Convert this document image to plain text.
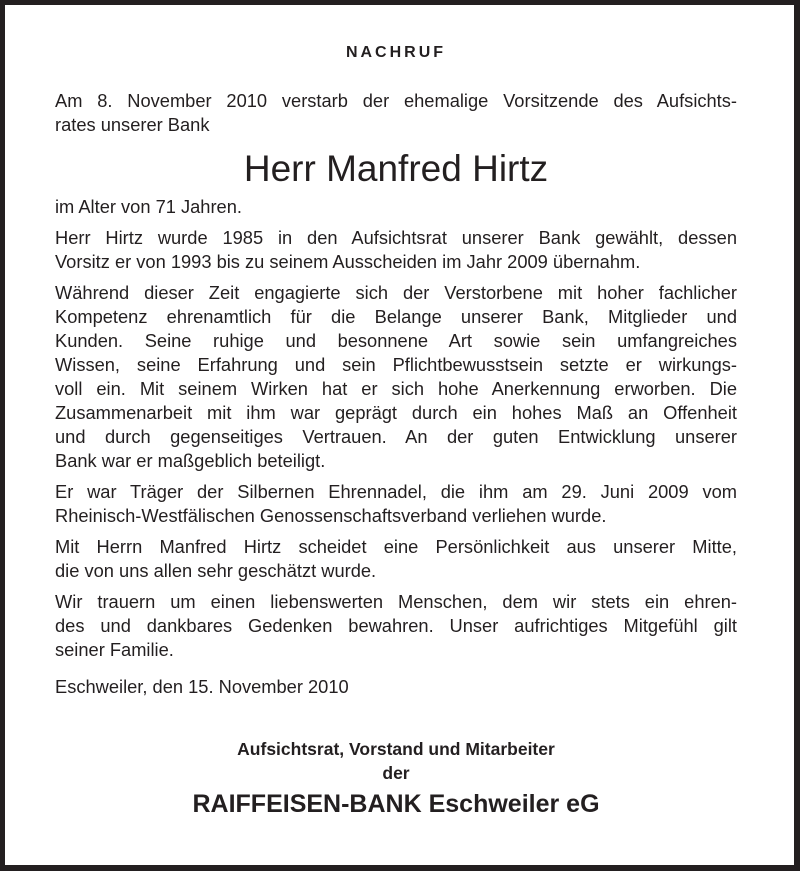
NACHRUF
Am 8. November 2010 verstarb der ehemalige Vorsitzende des Aufsichts-
rates unserer Bank
Herr Manfred Hirtz
im Alter von 71 Jahren.
Herr Hirtz wurde 1985 in den Aufsichtsrat unserer Bank gewählt, dessen
Vorsitz er von 1993 bis zu seinem Ausscheiden im Jahr 2009 übernahm.
Während dieser Zeit engagierte sich der Verstorbene mit hoher fachlicher
Kompetenz ehrenamtlich für die Belange unserer Bank, Mitglieder und
Kunden. Seine ruhige und besonnene Art sowie sein umfangreiches
Wissen, seine Erfahrung und sein Pflichtbewusstsein setzte er wirkungs-
voll ein. Mit seinem Wirken hat er sich hohe Anerkennung erworben. Die
Zusammenarbeit mit ihm war geprägt durch ein hohes Maß an Offenheit
und durch gegenseitiges Vertrauen. An der guten Entwicklung unserer
Bank war er maßgeblich beteiligt.
Er war Träger der Silbernen Ehrennadel, die ihm am 29. Juni 2009 vom
Rheinisch-Westfälischen Genossenschaftsverband verliehen wurde.
Mit Herrn Manfred Hirtz scheidet eine Persönlichkeit aus unserer Mitte,
die von uns allen sehr geschätzt wurde.
Wir trauern um einen liebenswerten Menschen, dem wir stets ein ehren-
des und dankbares Gedenken bewahren. Unser aufrichtiges Mitgefühl gilt
seiner Familie.
Eschweiler, den 15. November 2010
Aufsichtsrat, Vorstand und Mitarbeiter
der
RAIFFEISEN-BANK Eschweiler eG
